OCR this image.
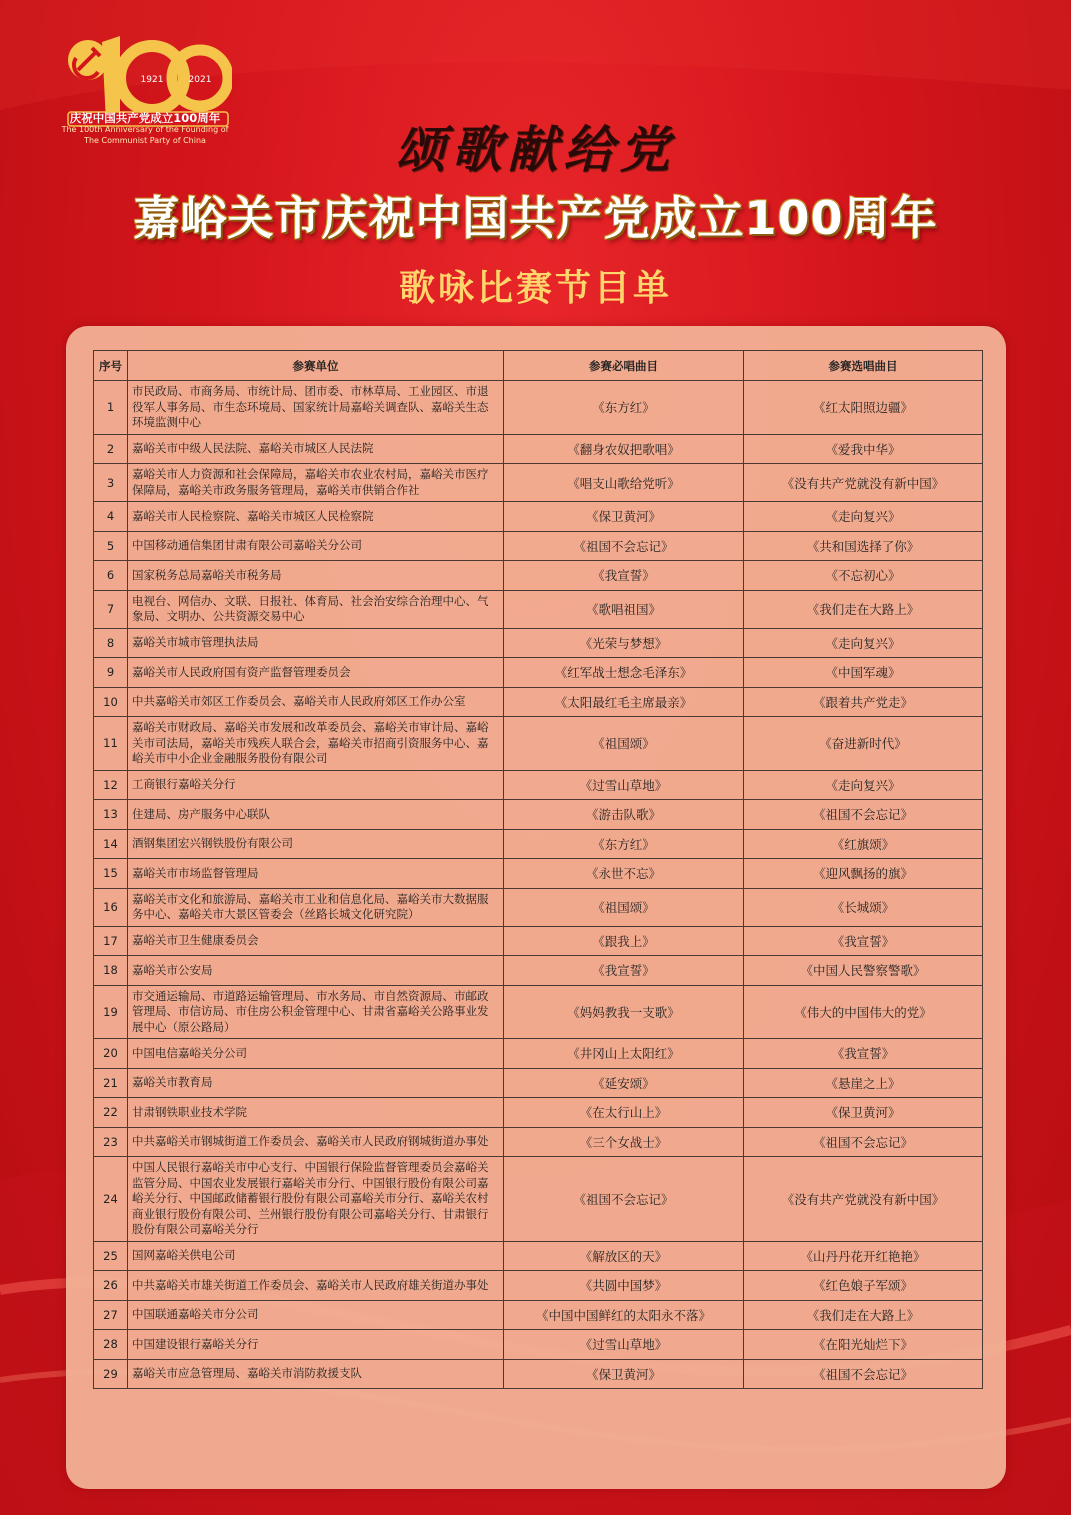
1921	2021
庆祝中国共产党成立100周年
The 100th Anniversary of the Founding of
The Communist Party of China	颂歌献给党
嘉峪关市庆祝中国共产党成立100周年
歌咏比赛节目单
序号	参赛单位	参赛必唱曲目	参赛选唱曲目
1	市民政局、市商务局、市统计局、团市委、市林草局、工业园区、市退役军人事务局、市生态环境局、国家统计局嘉峪关调查队、嘉峪关生态环境监测中心	《东方红》	《红太阳照边疆》
2	嘉峪关市中级人民法院、嘉峪关市城区人民法院	《翻身农奴把歌唱》	《爱我中华》
3	嘉峪关市人力资源和社会保障局，嘉峪关市农业农村局，嘉峪关市医疗保障局，嘉峪关市政务服务管理局，嘉峪关市供销合作社	《唱支山歌给党听》	《没有共产党就没有新中国》
4	嘉峪关市人民检察院、嘉峪关市城区人民检察院	《保卫黄河》	《走向复兴》
5	中国移动通信集团甘肃有限公司嘉峪关分公司	《祖国不会忘记》	《共和国选择了你》
6	国家税务总局嘉峪关市税务局	《我宣誓》	《不忘初心》
7	电视台、网信办、文联、日报社、体育局、社会治安综合治理中心、气象局、文明办、公共资源交易中心	《歌唱祖国》	《我们走在大路上》
8	嘉峪关市城市管理执法局	《光荣与梦想》	《走向复兴》
9	嘉峪关市人民政府国有资产监督管理委员会	《红军战士想念毛泽东》	《中国军魂》
10	中共嘉峪关市郊区工作委员会、嘉峪关市人民政府郊区工作办公室	《太阳最红毛主席最亲》	《跟着共产党走》
11	嘉峪关市财政局、嘉峪关市发展和改革委员会、嘉峪关市审计局、嘉峪关市司法局，嘉峪关市残疾人联合会，嘉峪关市招商引资服务中心、嘉峪关市中小企业金融服务股份有限公司	《祖国颂》	《奋进新时代》
12	工商银行嘉峪关分行	《过雪山草地》	《走向复兴》
13	住建局、房产服务中心联队	《游击队歌》	《祖国不会忘记》
14	酒钢集团宏兴钢铁股份有限公司	《东方红》	《红旗颂》
15	嘉峪关市市场监督管理局	《永世不忘》	《迎风飘扬的旗》
16	嘉峪关市文化和旅游局、嘉峪关市工业和信息化局、嘉峪关市大数据服务中心、嘉峪关市大景区管委会（丝路长城文化研究院）	《祖国颂》	《长城颂》
17	嘉峪关市卫生健康委员会	《跟我上》	《我宣誓》
18	嘉峪关市公安局	《我宣誓》	《中国人民警察警歌》
19	市交通运输局、市道路运输管理局、市水务局、市自然资源局、市邮政管理局、市信访局、市住房公积金管理中心、甘肃省嘉峪关公路事业发展中心（原公路局）	《妈妈教我一支歌》	《伟大的中国伟大的党》
20	中国电信嘉峪关分公司	《井冈山上太阳红》	《我宣誓》
21	嘉峪关市教育局	《延安颂》	《悬崖之上》
22	甘肃钢铁职业技术学院	《在太行山上》	《保卫黄河》
23	中共嘉峪关市钢城街道工作委员会、嘉峪关市人民政府钢城街道办事处	《三个女战士》	《祖国不会忘记》
24	中国人民银行嘉峪关市中心支行、中国银行保险监督管理委员会嘉峪关监管分局、中国农业发展银行嘉峪关市分行、中国银行股份有限公司嘉峪关分行、中国邮政储蓄银行股份有限公司嘉峪关市分行、嘉峪关农村商业银行股份有限公司、兰州银行股份有限公司嘉峪关分行、甘肃银行股份有限公司嘉峪关分行	《祖国不会忘记》	《没有共产党就没有新中国》
25	国网嘉峪关供电公司	《解放区的天》	《山丹丹花开红艳艳》
26	中共嘉峪关市雄关街道工作委员会、嘉峪关市人民政府雄关街道办事处	《共圆中国梦》	《红色娘子军颂》
27	中国联通嘉峪关市分公司	《中国中国鲜红的太阳永不落》	《我们走在大路上》
28	中国建设银行嘉峪关分行	《过雪山草地》	《在阳光灿烂下》
29	嘉峪关市应急管理局、嘉峪关市消防救援支队	《保卫黄河》	《祖国不会忘记》
